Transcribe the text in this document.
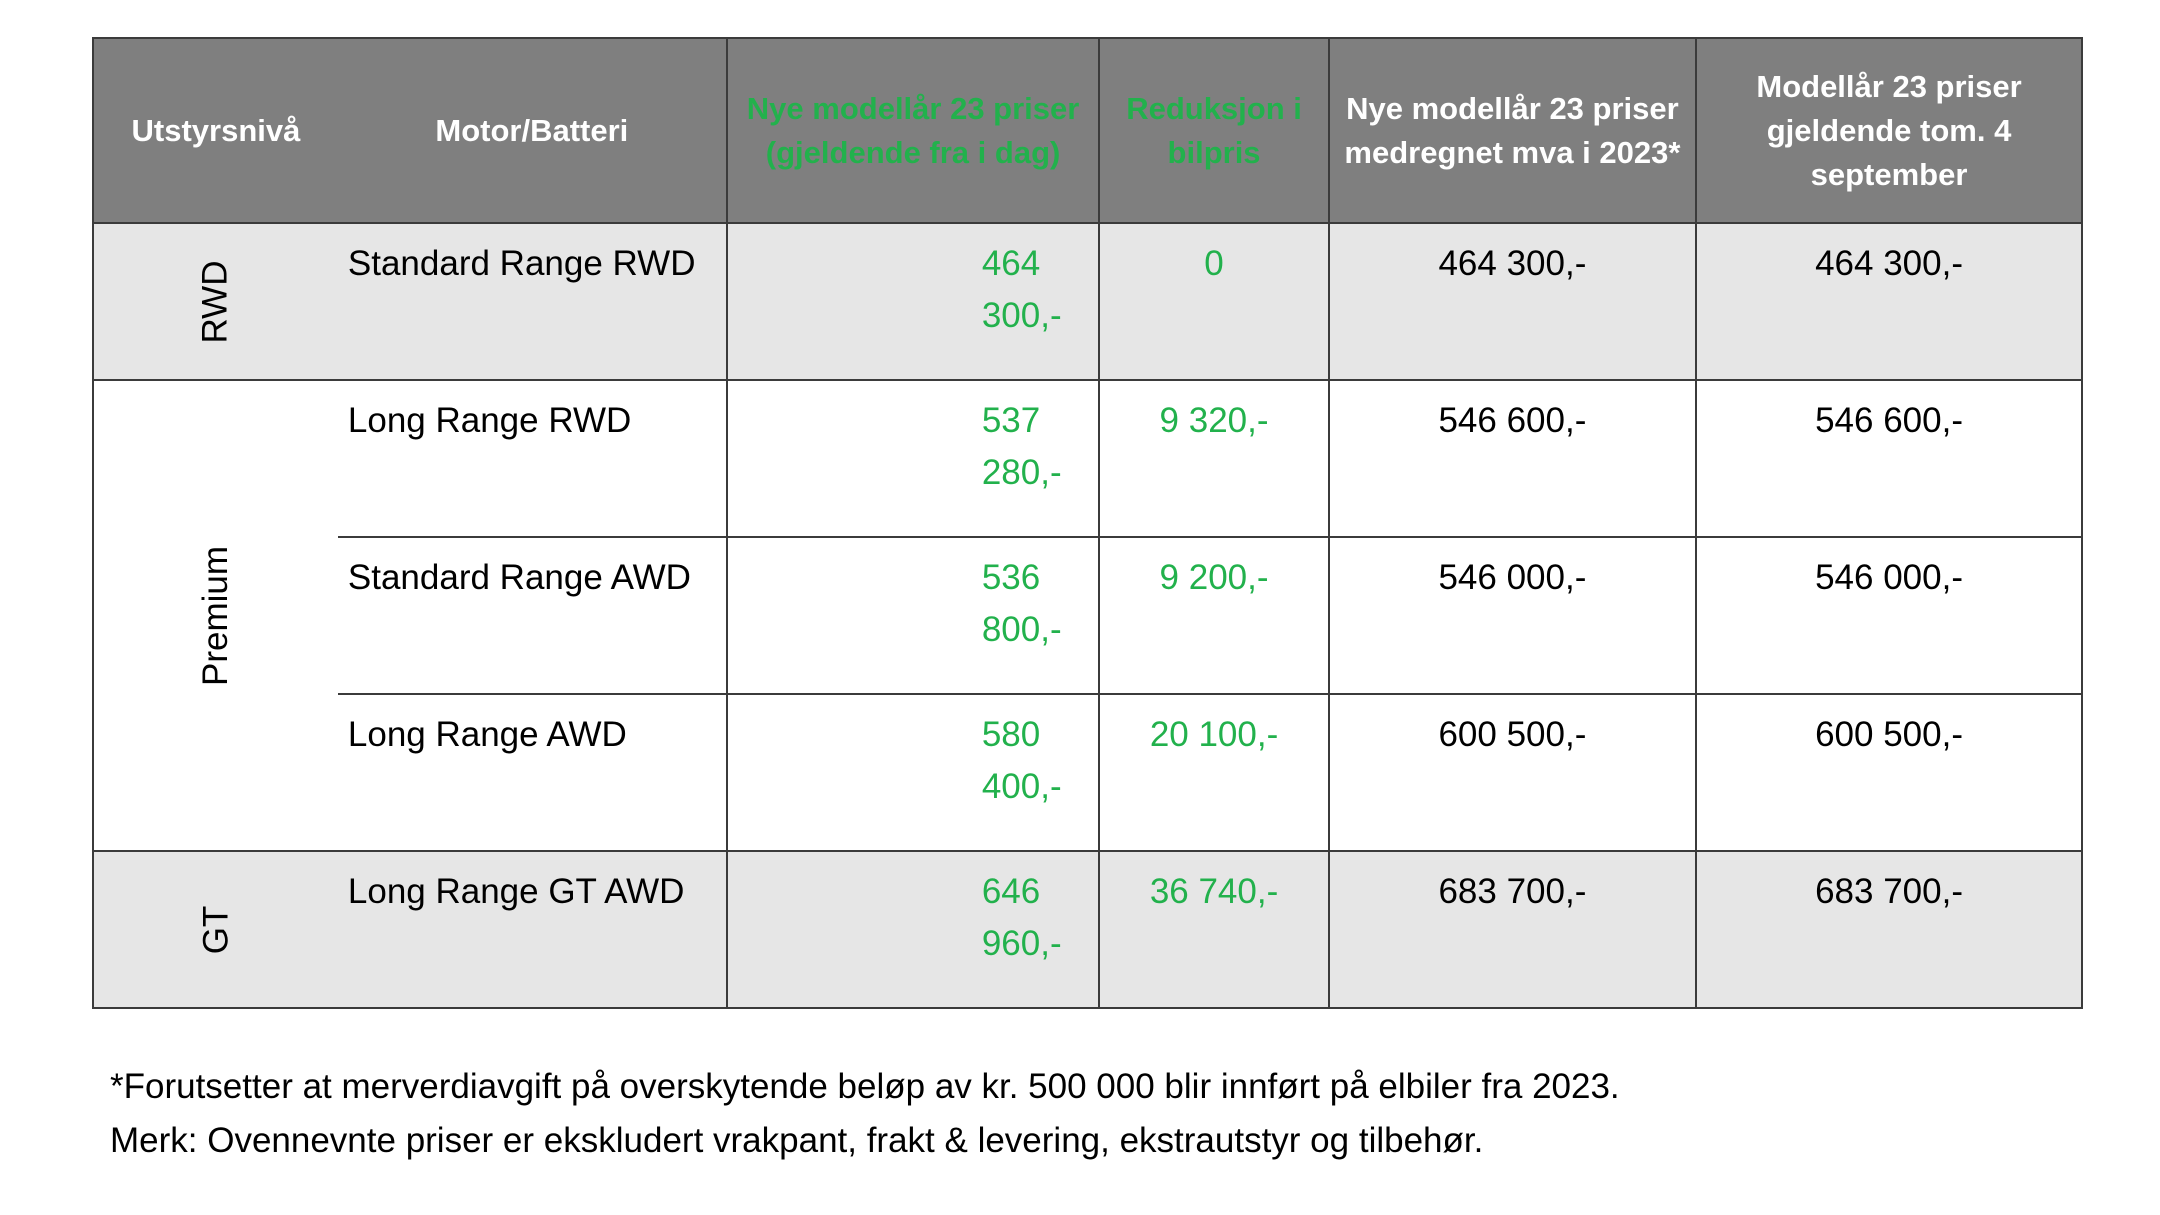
Utstyrsnivå	Motor/Batteri	Nye modellår 23 priser (gjeldende fra i dag)	Reduksjon i bilpris	Nye modellår 23 priser medregnet mva i 2023*	Modellår 23 priser gjeldende tom. 4 september
RWD	Standard Range RWD	464 300,-	0	464 300,-	464 300,-
Premium	Long Range RWD	537 280,-	9 320,-	546 600,-	546 600,-
	Standard Range AWD	536 800,-	9 200,-	546 000,-	546 000,-
	Long Range AWD	580 400,-	20 100,-	600 500,-	600 500,-
GT	Long Range GT AWD	646 960,-	36 740,-	683 700,-	683 700,-
*Forutsetter at merverdiavgift på overskytende beløp av kr. 500 000 blir innført på elbiler fra 2023.
Merk: Ovennevnte priser er ekskludert vrakpant, frakt & levering, ekstrautstyr og tilbehør.
